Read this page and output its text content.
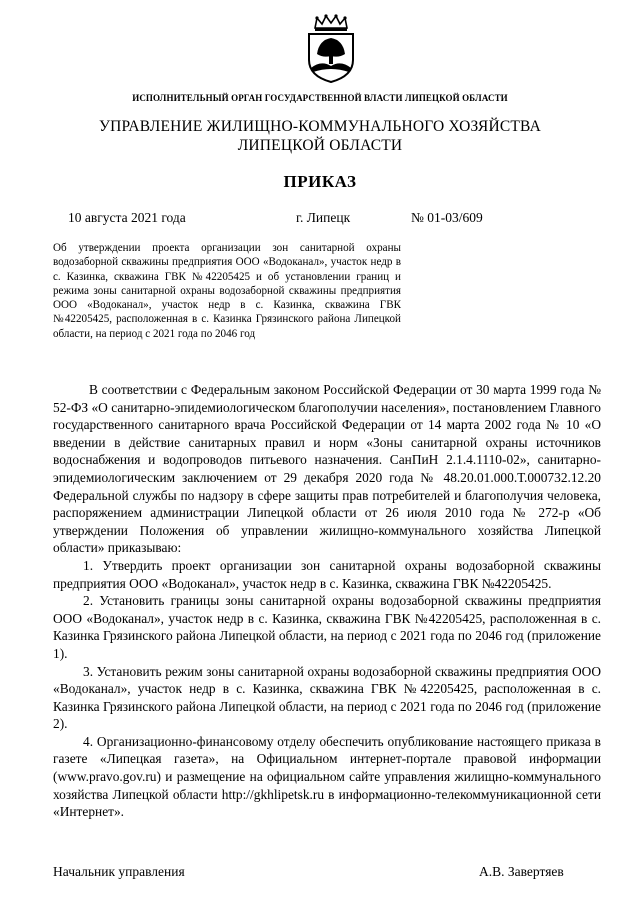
ИСПОЛНИТЕЛЬНЫЙ ОРГАН ГОСУДАРСТВЕННОЙ ВЛАСТИ ЛИПЕЦКОЙ ОБЛАСТИ
УПРАВЛЕНИЕ ЖИЛИЩНО-КОММУНАЛЬНОГО ХОЗЯЙСТВА
ЛИПЕЦКОЙ ОБЛАСТИ
ПРИКАЗ
10 августа 2021 года	г. Липецк	№ 01-03/609
Об утверждении проекта организации зон санитарной охраны водозаборной скважины предприятия ООО «Водоканал», участок недр в с. Казинка, скважина ГВК №42205425 и об установлении границ и режима зоны санитарной охраны водозаборной скважины предприятия ООО «Водоканал», участок недр в с. Казинка, скважина ГВК №42205425, расположенная в с. Казинка Грязинского района Липецкой области, на период с 2021 года по 2046 год

В соответствии с Федеральным законом Российской Федерации от 30 марта 1999 года № 52-ФЗ «О санитарно-эпидемиологическом благополучии населения», постановлением Главного государственного санитарного врача Российской Федерации от 14 марта 2002 года № 10 «О введении в действие санитарных правил и норм «Зоны санитарной охраны источников водоснабжения и водопроводов питьевого назначения. СанПиН 2.1.4.1110-02», санитарно-эпидемиологическим заключением от 29 декабря 2020 года № 48.20.01.000.Т.000732.12.20 Федеральной службы по надзору в сфере защиты прав потребителей и благополучия человека, распоряжением администрации Липецкой области от 26 июля 2010 года № 272-р «Об утверждении Положения об управлении жилищно-коммунального хозяйства Липецкой области» приказываю:

1. Утвердить проект организации зон санитарной охраны водозаборной скважины предприятия ООО «Водоканал», участок недр в с. Казинка, скважина ГВК №42205425.

2. Установить границы зоны санитарной охраны водозаборной скважины предприятия ООО «Водоканал», участок недр в с. Казинка, скважина ГВК №42205425, расположенная в с. Казинка Грязинского района Липецкой области, на период с 2021 года по 2046 год (приложение 1).

3. Установить режим зоны санитарной охраны водозаборной скважины предприятия ООО «Водоканал», участок недр в с. Казинка, скважина ГВК №42205425, расположенная в с. Казинка Грязинского района Липецкой области, на период с 2021 года по 2046 год (приложение 2).

4. Организационно-финансовому отделу обеспечить опубликование настоящего приказа в газете «Липецкая газета», на Официальном интернет-портале правовой информации (www.pravo.gov.ru) и размещение на официальном сайте управления жилищно-коммунального хозяйства Липецкой области http://gkhlipetsk.ru в информационно-телекоммуникационной сети «Интернет».

Начальник управления	А.В. Завертяев
